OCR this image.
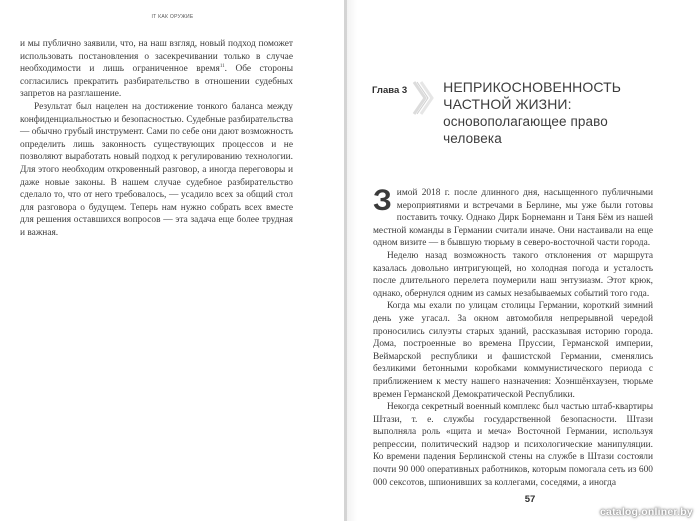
IT КАК ОРУЖИЕ

и мы публично заявили, что, на наш взгляд, новый подход поможет использовать постановления о засекречивании только в случае необходимости и лишь ограниченное время$^{11}$. Обе стороны согласились прекратить разбирательство в отношении судебных запретов на разглашение.

Результат был нацелен на достижение тонкого баланса между конфиденциальностью и безопасностью. Судебные разбирательства — обычно грубый инструмент. Сами по себе они дают возможность определить лишь законность существующих процессов и не позволяют выработать новый подход к регулированию технологии. Для этого необходим откровенный разговор, а иногда переговоры и даже новые законы. В нашем случае судебное разбирательство сделало то, что от него требовалось, — усадило всех за общий стол для разговора о будущем. Теперь нам нужно собрать всех вместе для решения оставшихся вопросов — эта задача еще более трудная и важная.

Глава 3	НЕПРИКОСНОВЕННОСТЬ
ЧАСТНОЙ ЖИЗНИ:
основополагающее право
человека

Зимой 2018 г. после длинного дня, насыщенного публичными мероприятиями и встречами в Берлине, мы уже были готовы поставить точку. Однако Дирк Борнеманн и Таня Бём из нашей местной команды в Германии считали иначе. Они настаивали на еще одном визите — в бывшую тюрьму в северо-восточной части города.

Неделю назад возможность такого отклонения от маршрута казалась довольно интригующей, но холодная погода и усталость после длительного перелета поумерили наш энтузиазм. Этот крюк, однако, обернулся одним из самых незабываемых событий того года.

Когда мы ехали по улицам столицы Германии, короткий зимний день уже угасал. За окном автомобиля непрерывной чередой проносились силуэты старых зданий, рассказывая историю города. Дома, построенные во времена Пруссии, Германской империи, Веймарской республики и фашистской Германии, сменялись безликими бетонными коробками коммунистического периода с приближением к месту нашего назначения: Хоэншёнхаузен, тюрьме времен Германской Демократической Республики.

Некогда секретный военный комплекс был частью штаб-квартиры Штази, т. е. службы государственной безопасности. Штази выполняла роль «щита и меча» Восточной Германии, используя репрессии, политический надзор и психологические манипуляции. Ко времени падения Берлинской стены на службе в Штази состояли почти 90 000 оперативных работников, которым помогала сеть из 600 000 сексотов, шпионивших за коллегами, соседями, а иногда

57
catalog.onliner.by
